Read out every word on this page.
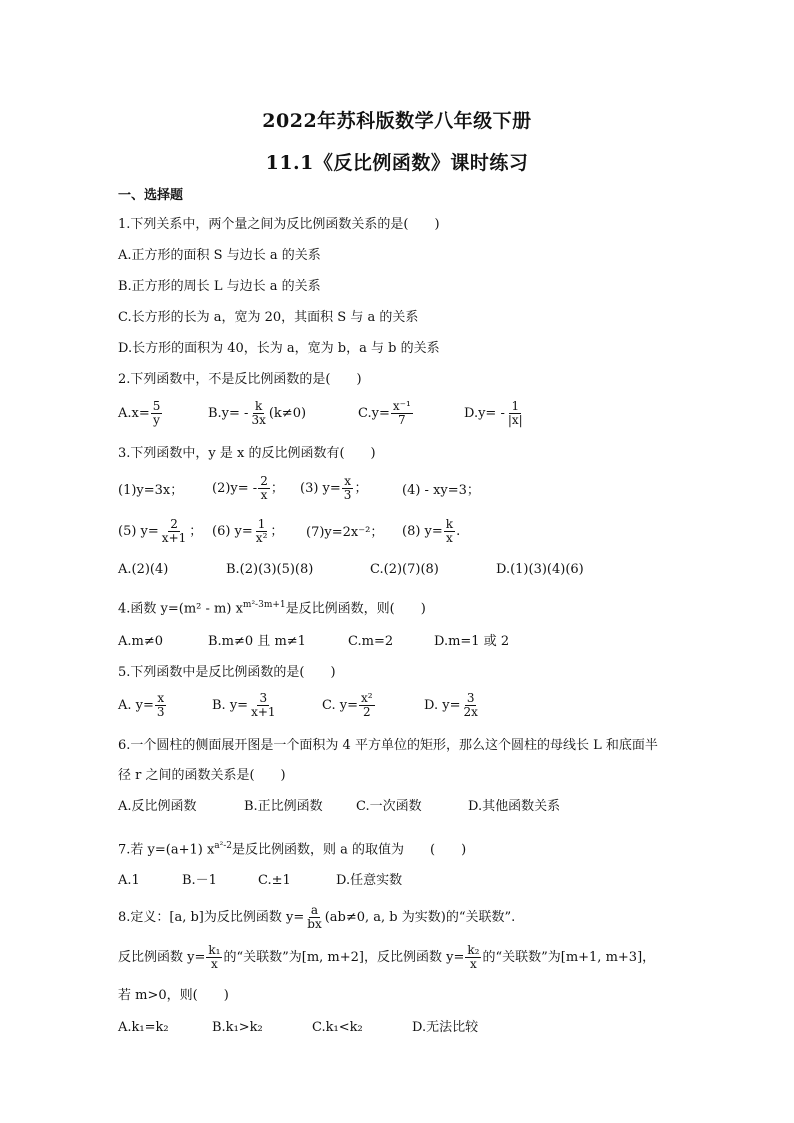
2022年苏科版数学八年级下册
11.1《反比例函数》课时练习
一、选择题
1.下列关系中，两个量之间为反比例函数关系的是(　　)
A.正方形的面积 S 与边长 a 的关系
B.正方形的周长 L 与边长 a 的关系
C.长方形的长为 a，宽为 20，其面积 S 与 a 的关系
D.长方形的面积为 40，长为 a，宽为 b，a 与 b 的关系
2.下列函数中，不是反比例函数的是(　　)
$A.x= \frac{5}{y}$	$B.y= - \frac{k}{3x} (k\ne 0)$	$C.y= \frac{\text{x⁻¹}}{7}$	$D.y= - \frac{1}{|x|}$
3.下列函数中，y 是 x 的反比例函数有(　　)
(1)y=3x； $(2)y= - \frac{2}{x}$ ； (3) $y= \frac{x}{3}$ ；	(4) - xy=3；
(5) $y= \frac{2}{x+1}$ ； (6) $y= \frac{1}{\text{x²}}$ ； (7)y=2x⁻²； (8) $y= \frac{k}{x}$ .
A.(2)(4)	B.(2)(3)(5)(8)	C.(2)(7)(8)	D.(1)(3)(4)(6)
4.函数 y=(m² - m) $x^{m^2-3m+1}$是反比例函数，则(　　)
A.m≠0	B.m≠0 且 m≠1	C.m=2	D.m=1 或 2
5.下列函数中是反比例函数的是(　　)
A. $y= \frac{x}{3}$	B. $y= \frac{3}{x+1}$	C. $y= \frac{\text{x²}}{2}$	D. $y= \frac{3}{2x}$
6.一个圆柱的侧面展开图是一个面积为 4 平方单位的矩形，那么这个圆柱的母线长 L 和底面半
径 r 之间的函数关系是(　　)
A.反比例函数	B.正比例函数	C.一次函数	D.其他函数关系
7.若 y=(a+1) $x^{a^2-2}$是反比例函数，则 a 的取值为　　(　　)
A.1	B.－1	C.±1	D.任意实数
8.定义：[a, b]为反比例函数 $y= \frac{a}{bx} (ab\ne 0$, a, b 为实数)的“关联数”.
反比例函数 $y= \frac{\text{k₁}}{x}$ 的“关联数”为[m, m+2]，反比例函数 $y= \frac{\text{k₂}}{x}$ 的“关联数”为[m+1, m+3]，
若 m>0，则(　　)
A.k₁=k₂	B.k₁>k₂	C.k₁<k₂	D.无法比较
